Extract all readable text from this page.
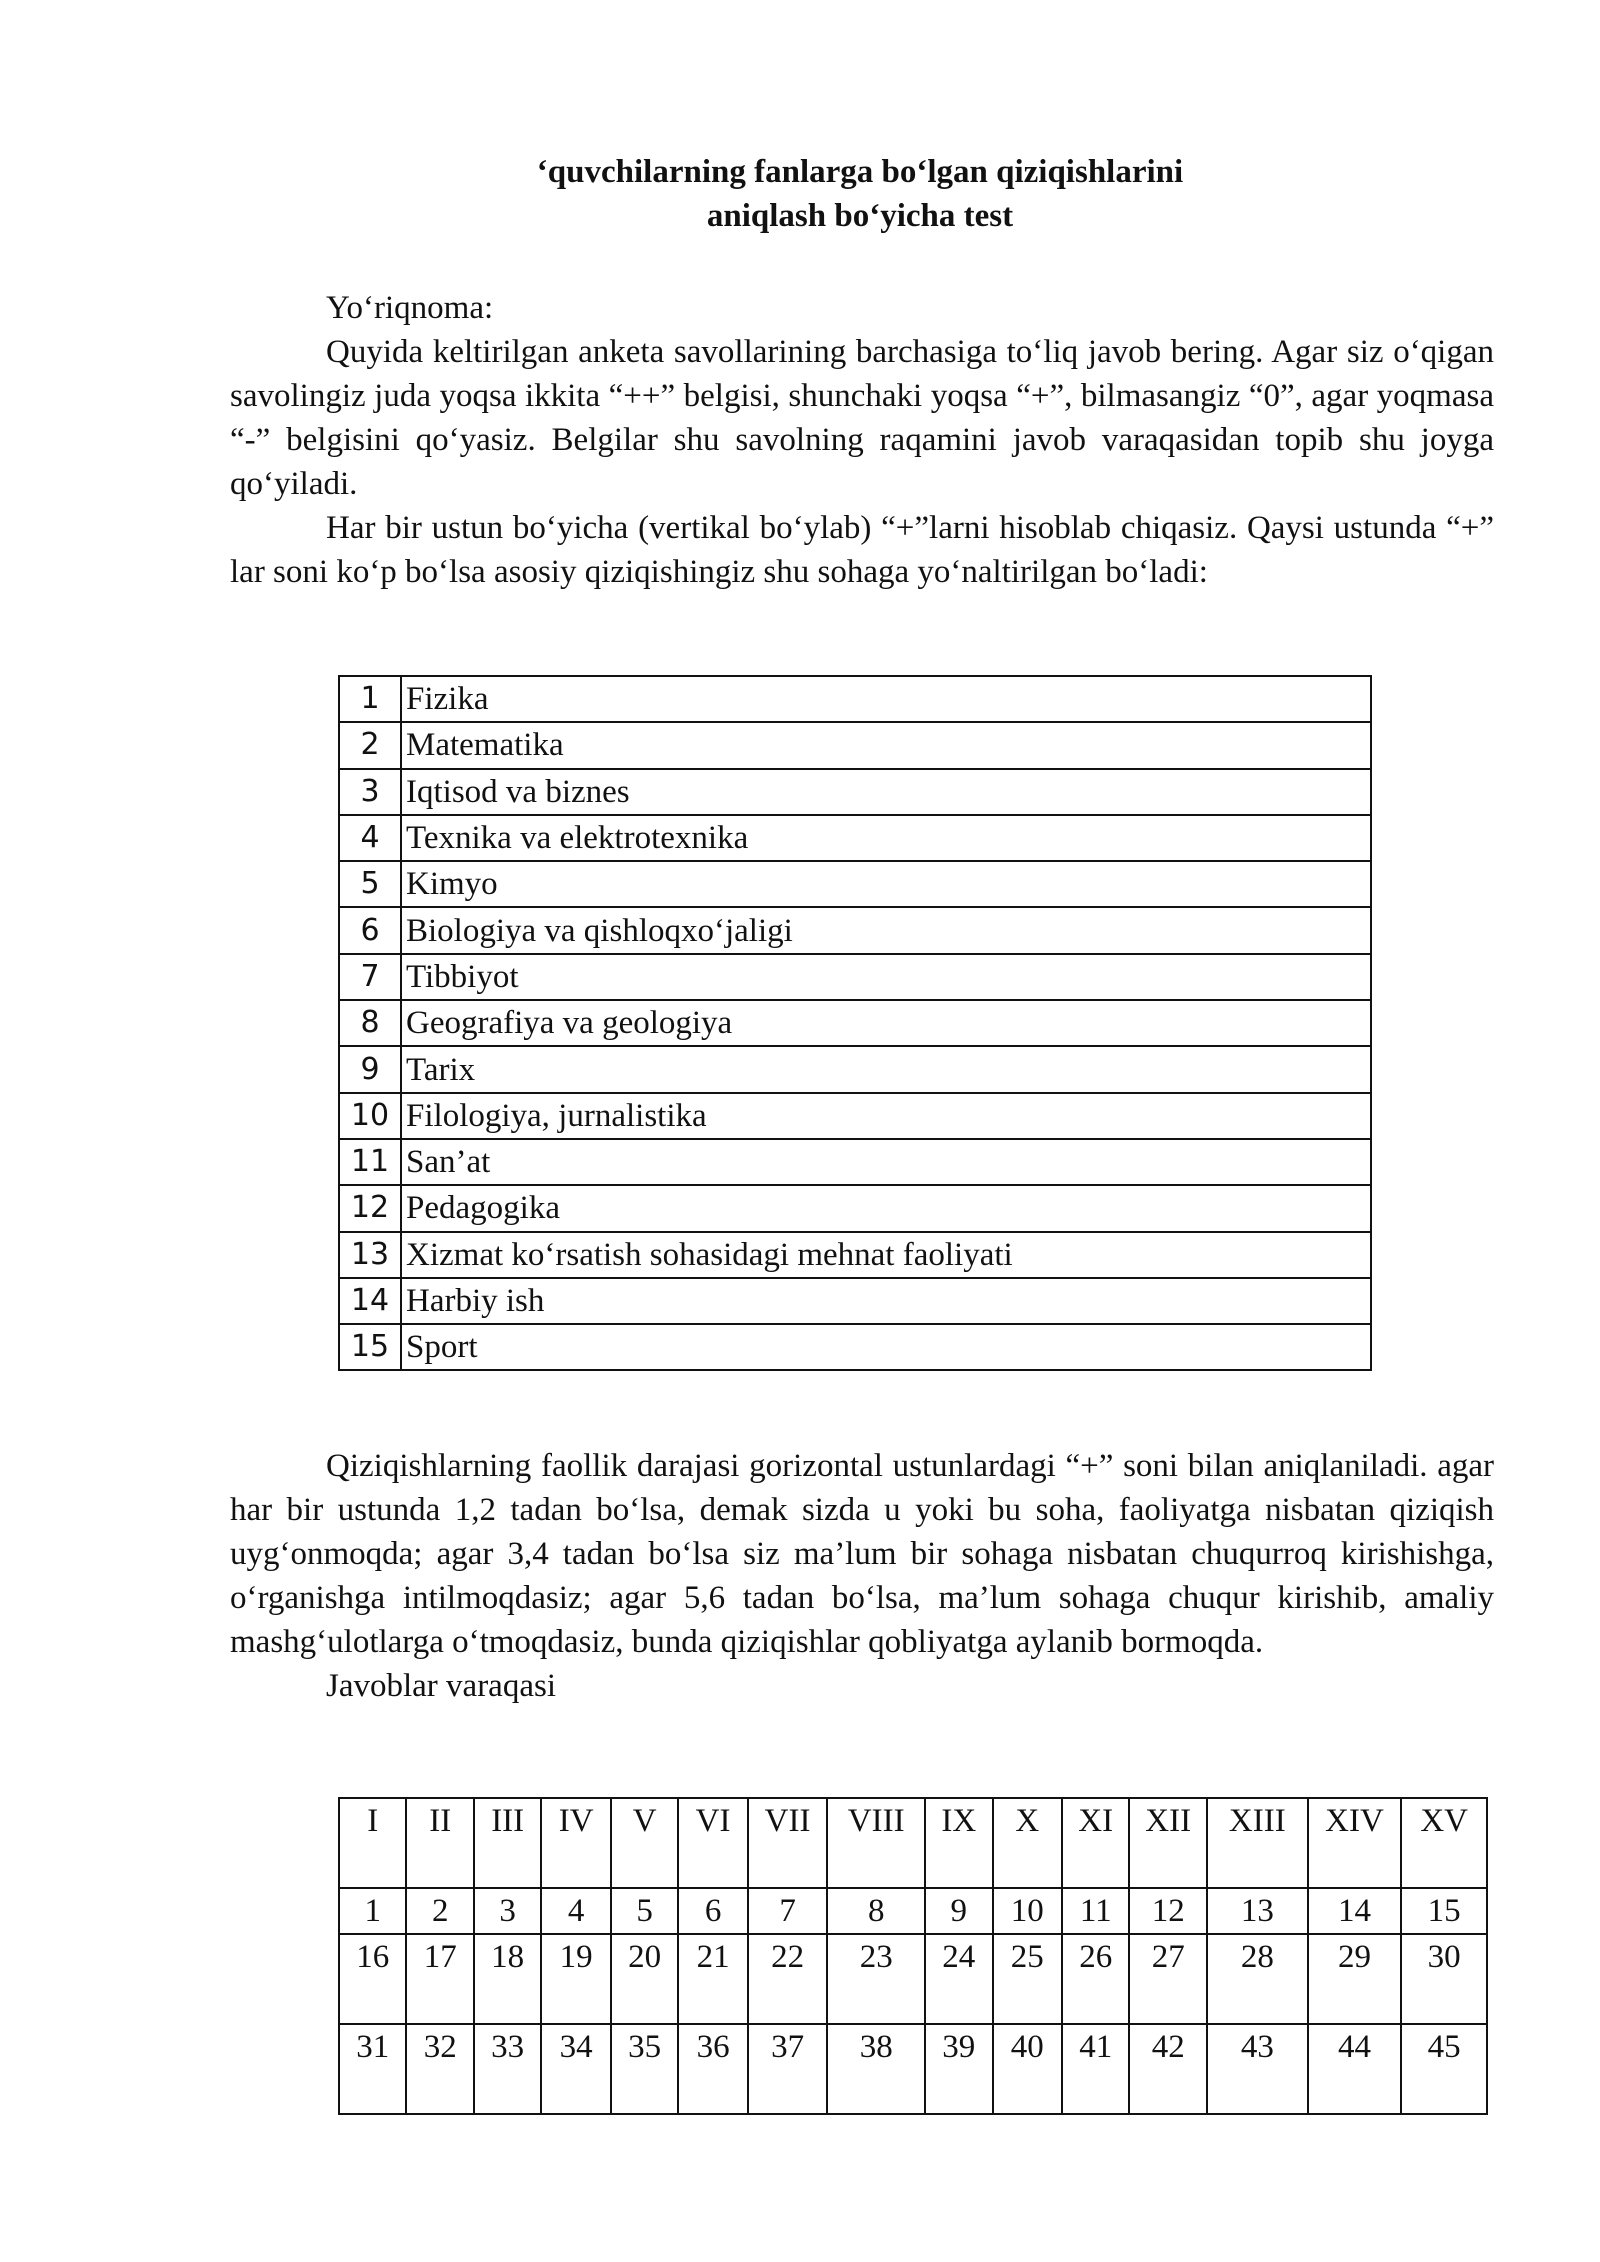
‘quvchilarning fanlarga bo‘lgan qiziqishlarini
aniqlash bo‘yicha test

Yo‘riqnoma:

Quyida keltirilgan anketa savollarining barchasiga to‘liq javob bering. Agar siz o‘qigan savolingiz juda yoqsa ikkita “++” belgisi, shunchaki yoqsa “+”, bilmasangiz “0”, agar yoqmasa “-” belgisini qo‘yasiz. Belgilar shu savolning raqamini javob varaqasidan topib shu joyga qo‘yiladi.

Har bir ustun bo‘yicha (vertikal bo‘ylab) “+”larni hisoblab chiqasiz. Qaysi ustunda “+” lar soni ko‘p bo‘lsa asosiy qiziqishingiz shu sohaga yo‘naltirilgan bo‘ladi:

1	Fizika
2	Matematika
3	Iqtisod va biznes
4	Texnika va elektrotexnika
5	Kimyo
6	Biologiya va qishloqxo‘jaligi
7	Tibbiyot
8	Geografiya va geologiya
9	Tarix
10	Filologiya, jurnalistika
11	San’at
12	Pedagogika
13	Xizmat ko‘rsatish sohasidagi mehnat faoliyati
14	Harbiy ish
15	Sport

Qiziqishlarning faollik darajasi gorizontal ustunlardagi “+” soni bilan aniqlaniladi. agar har bir ustunda 1,2 tadan bo‘lsa, demak sizda u yoki bu soha, faoliyatga nisbatan qiziqish uyg‘onmoqda; agar 3,4 tadan bo‘lsa siz ma’lum bir sohaga nisbatan chuqurroq kirishishga, o‘rganishga intilmoqdasiz; agar 5,6 tadan bo‘lsa, ma’lum sohaga chuqur kirishib, amaliy mashg‘ulotlarga o‘tmoqdasiz, bunda qiziqishlar qobliyatga aylanib bormoqda.

Javoblar varaqasi

I	II	III	IV	V	VI	VII	VIII	IX	X	XI	XII	XIII	XIV	XV
1	2	3	4	5	6	7	8	9	10	11	12	13	14	15
16	17	18	19	20	21	22	23	24	25	26	27	28	29	30
31	32	33	34	35	36	37	38	39	40	41	42	43	44	45
